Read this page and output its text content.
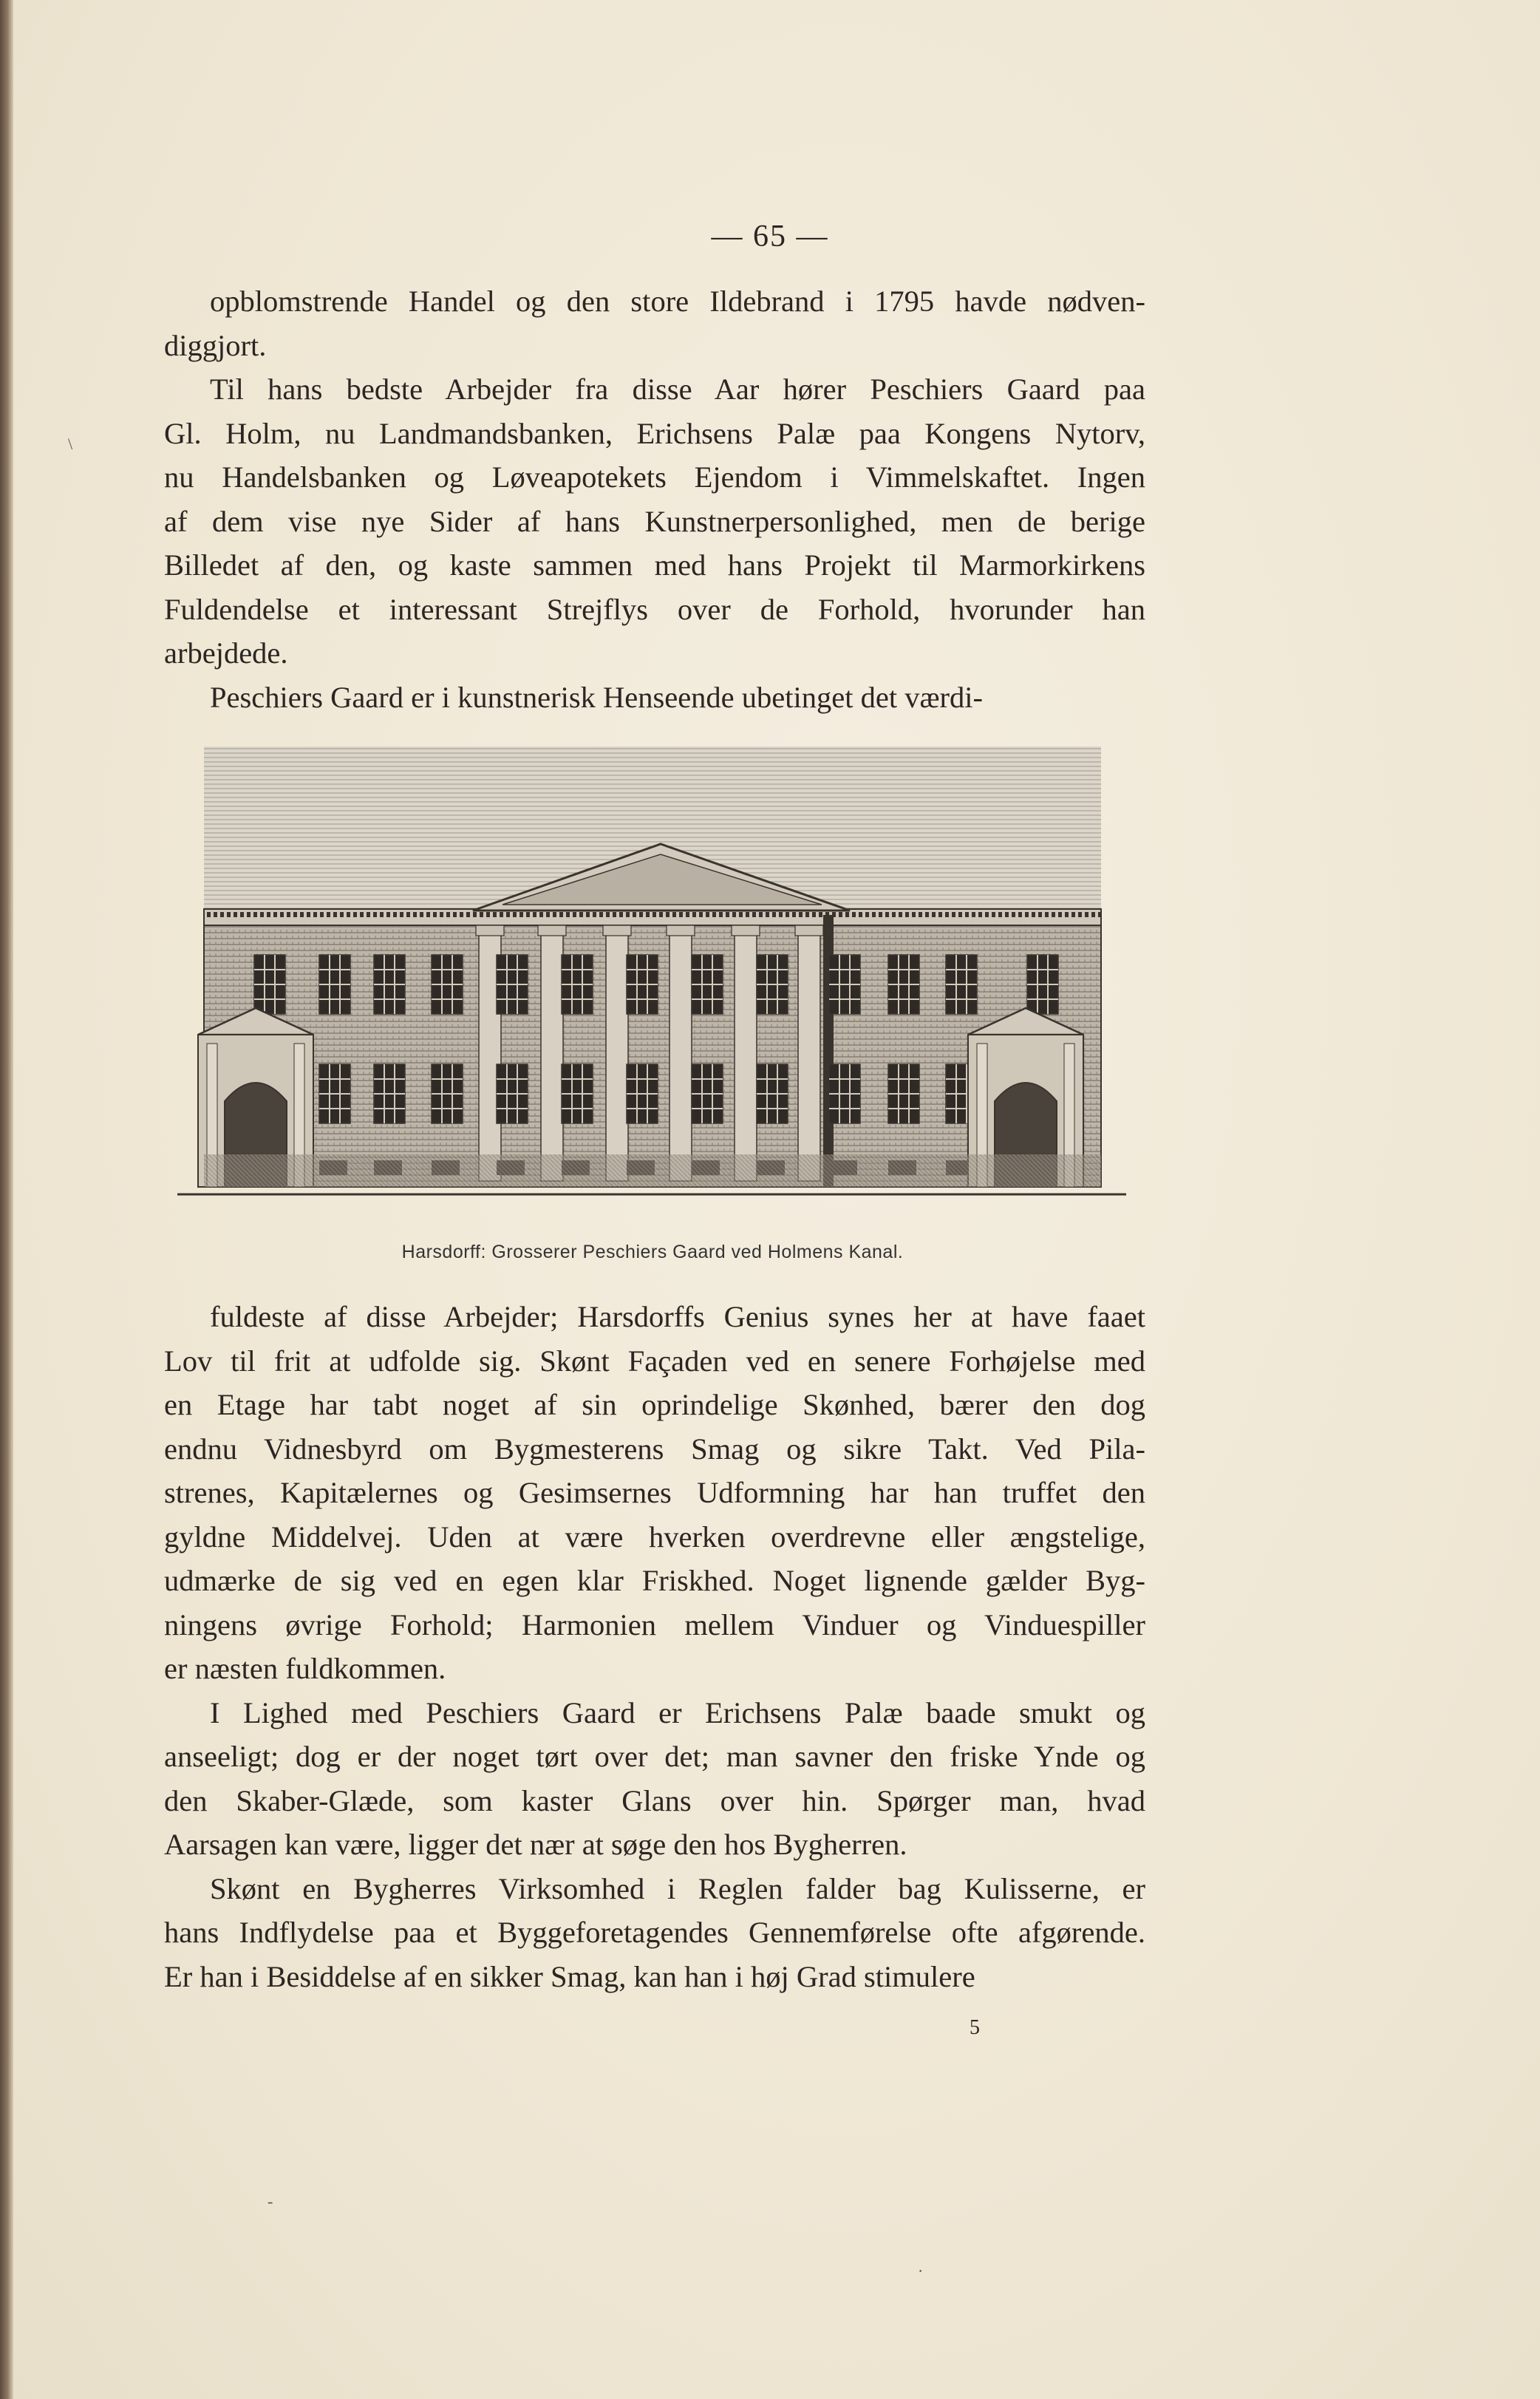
\
-
·
— 65 —
opblomstrende Handel og den store Ildebrand i 1795 havde nødven-
diggjort.
Til hans bedste Arbejder fra disse Aar hører Peschiers Gaard paa
Gl. Holm, nu Landmandsbanken, Erichsens Palæ paa Kongens Nytorv,
nu Handelsbanken og Løveapotekets Ejendom i Vimmelskaftet. Ingen
af dem vise nye Sider af hans Kunstnerpersonlighed, men de berige
Billedet af den, og kaste sammen med hans Projekt til Marmorkirkens
Fuldendelse et interessant Strejflys over de Forhold, hvorunder han
arbejdede.
Peschiers Gaard er i kunstnerisk Henseende ubetinget det værdi-
Harsdorff: Grosserer Peschiers Gaard ved Holmens Kanal.
fuldeste af disse Arbejder; Harsdorffs Genius synes her at have faaet
Lov til frit at udfolde sig. Skønt Façaden ved en senere Forhøjelse med
en Etage har tabt noget af sin oprindelige Skønhed, bærer den dog
endnu Vidnesbyrd om Bygmesterens Smag og sikre Takt. Ved Pila-
strenes, Kapitælernes og Gesimsernes Udformning har han truffet den
gyldne Middelvej. Uden at være hverken overdrevne eller ængstelige,
udmærke de sig ved en egen klar Friskhed. Noget lignende gælder Byg-
ningens øvrige Forhold; Harmonien mellem Vinduer og Vinduespiller
er næsten fuldkommen.
I Lighed med Peschiers Gaard er Erichsens Palæ baade smukt og
anseeligt; dog er der noget tørt over det; man savner den friske Ynde og
den Skaber-Glæde, som kaster Glans over hin. Spørger man, hvad
Aarsagen kan være, ligger det nær at søge den hos Bygherren.
Skønt en Bygherres Virksomhed i Reglen falder bag Kulisserne, er
hans Indflydelse paa et Byggeforetagendes Gennemførelse ofte afgørende.
Er han i Besiddelse af en sikker Smag, kan han i høj Grad stimulere
5
